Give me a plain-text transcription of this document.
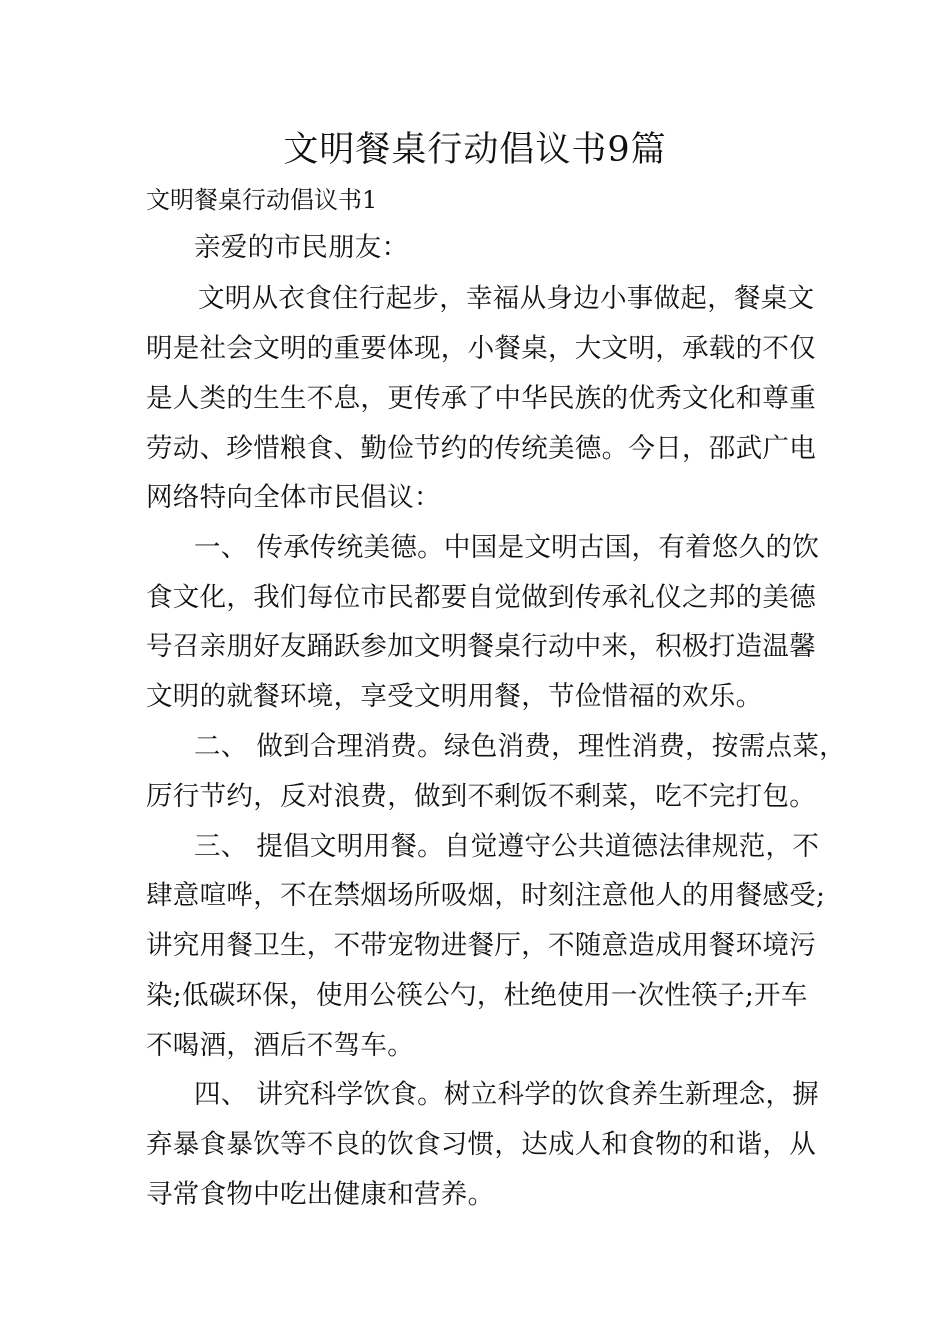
文明餐桌行动倡议书9篇
文明餐桌行动倡议书1
亲爱的市民朋友：
文明从衣食住行起步，幸福从身边小事做起，餐桌文
明是社会文明的重要体现，小餐桌，大文明，承载的不仅
是人类的生生不息，更传承了中华民族的优秀文化和尊重
劳动、珍惜粮食、勤俭节约的传统美德。今日，邵武广电
网络特向全体市民倡议：
一、 传承传统美德。中国是文明古国，有着悠久的饮
食文化，我们每位市民都要自觉做到传承礼仪之邦的美德
号召亲朋好友踊跃参加文明餐桌行动中来，积极打造温馨
文明的就餐环境，享受文明用餐，节俭惜福的欢乐。
二、 做到合理消费。绿色消费，理性消费，按需点菜，
厉行节约，反对浪费，做到不剩饭不剩菜，吃不完打包。
三、 提倡文明用餐。自觉遵守公共道德法律规范，不
肆意喧哗，不在禁烟场所吸烟，时刻注意他人的用餐感受;
讲究用餐卫生，不带宠物进餐厅，不随意造成用餐环境污
染;低碳环保，使用公筷公勺，杜绝使用一次性筷子;开车
不喝酒，酒后不驾车。
四、 讲究科学饮食。树立科学的饮食养生新理念，摒
弃暴食暴饮等不良的饮食习惯，达成人和食物的和谐，从
寻常食物中吃出健康和营养。
